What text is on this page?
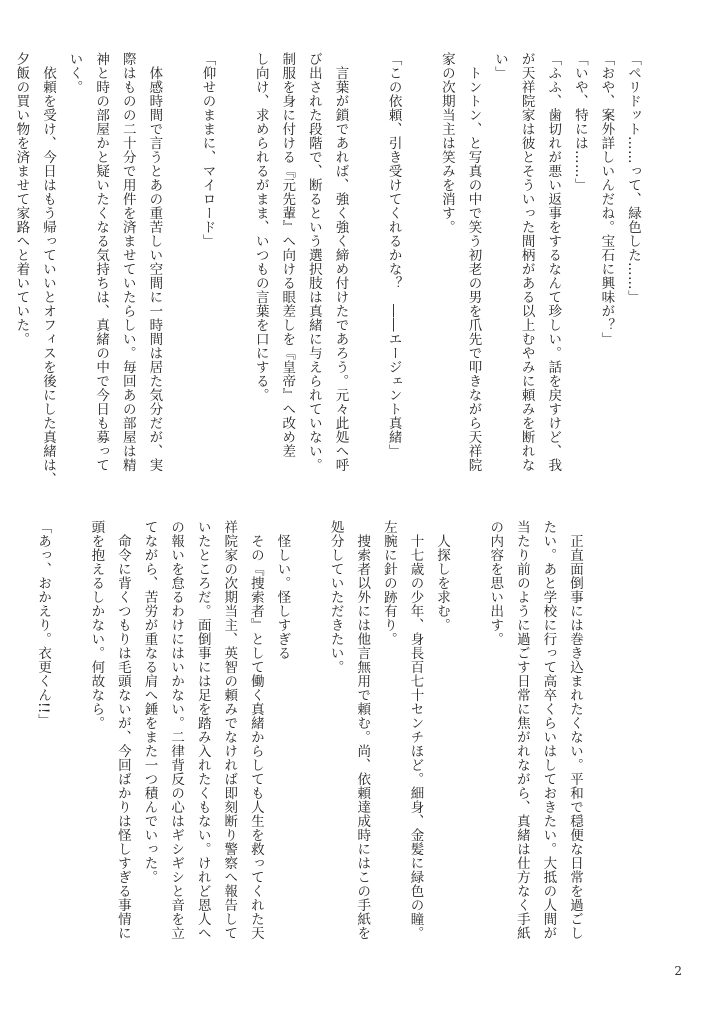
「ペリドット……って、緑色した……」
「おや、案外詳しいんだね。宝石に興味が？」
「いや、特には……」
「ふふ、歯切れが悪い返事をするなんて珍しい。話を戻すけど、我
が天祥院家は彼とそういった間柄がある以上むやみに頼みを断れな
い」
　トントン、と写真の中で笑う初老の男を爪先で叩きながら天祥院
家の次期当主は笑みを消す。
「この依頼、引き受けてくれるかな？　――エージェント真緒」
　言葉が鎖であれば、強く強く締め付けたであろう。元々此処へ呼
び出された段階で、断るという選択肢は真緒に与えられていない。
制服を身に付ける『元先輩』へ向ける眼差しを『皇帝』へ改め差
し向け、求められるがまま、いつもの言葉を口にする。
「仰せのままに、マイロード」
　体感時間で言うとあの重苦しい空間に一時間は居た気分だが、実
際はものの二十分で用件を済ませていたらしい。毎回あの部屋は精
神と時の部屋かと疑いたくなる気持ちは、真緒の中で今日も募って
いく。
　依頼を受け、今日はもう帰っていいとオフィスを後にした真緒は、
夕飯の買い物を済ませて家路へと着いていた。
　正直面倒事には巻き込まれたくない。平和で穏便な日常を過ごし
たい。あと学校に行って高卒くらいはしておきたい。大抵の人間が
当たり前のように過ごす日常に焦がれながら、真緒は仕方なく手紙
の内容を思い出す。
　人探しを求む。
　十七歳の少年、身長百七十センチほど。細身、金髪に緑色の瞳。
左腕に針の跡有り。
　捜索者以外には他言無用で頼む。尚、依頼達成時にはこの手紙を
処分していただきたい。
　怪しい。怪しすぎる
　その『捜索者』として働く真緒からしても人生を救ってくれた天
祥院家の次期当主、英智の頼みでなければ即刻断り警察へ報告して
いたところだ。面倒事には足を踏み入れたくもない。けれど恩人へ
の報いを怠るわけにはいかない。二律背反の心はギシギシと音を立
てながら、苦労が重なる肩へ錘をまた一つ積んでいった。
　命令に背くつもりは毛頭ないが、今回ばかりは怪しすぎる事情に
頭を抱えるしかない。何故なら。
「あっ、おかえり。衣更くん!!」
2
